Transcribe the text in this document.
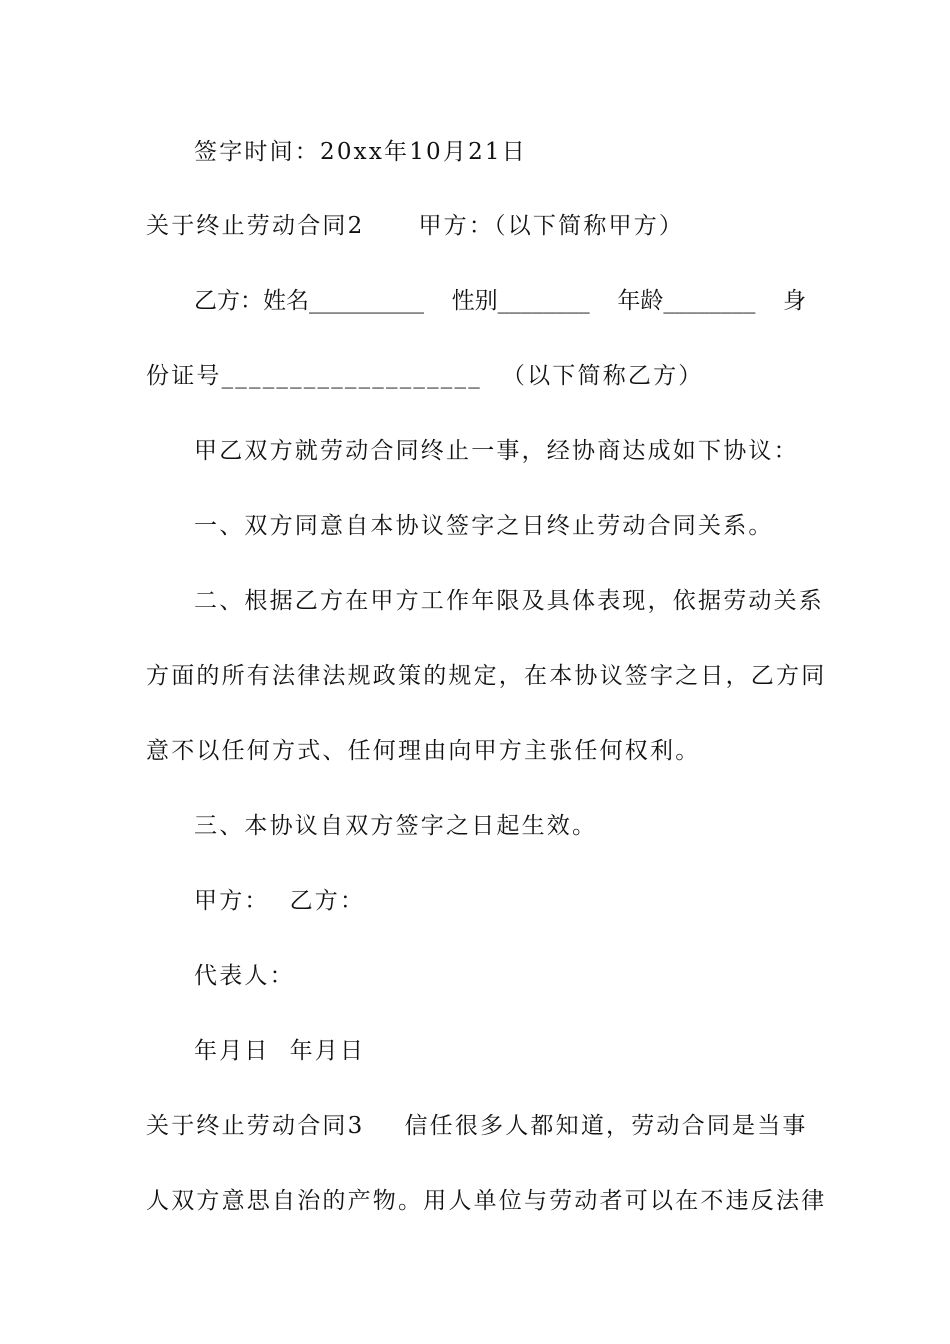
签字时间：20xx年10月21日
关于终止劳动合同2 甲方：（以下简称甲方）
乙方：姓名__________ 性别________ 年龄________ 身
份证号___________________ （以下简称乙方）
甲乙双方就劳动合同终止一事，经协商达成如下协议：
一、双方同意自本协议签字之日终止劳动合同关系。
二、根据乙方在甲方工作年限及具体表现，依据劳动关系
方面的所有法律法规政策的规定，在本协议签字之日，乙方同
意不以任何方式、任何理由向甲方主张任何权利。
三、本协议自双方签字之日起生效。
甲方： 乙方：
代表人：
年月日 年月日
关于终止劳动合同3 信任很多人都知道，劳动合同是当事
人双方意思自治的产物。用人单位与劳动者可以在不违反法律
